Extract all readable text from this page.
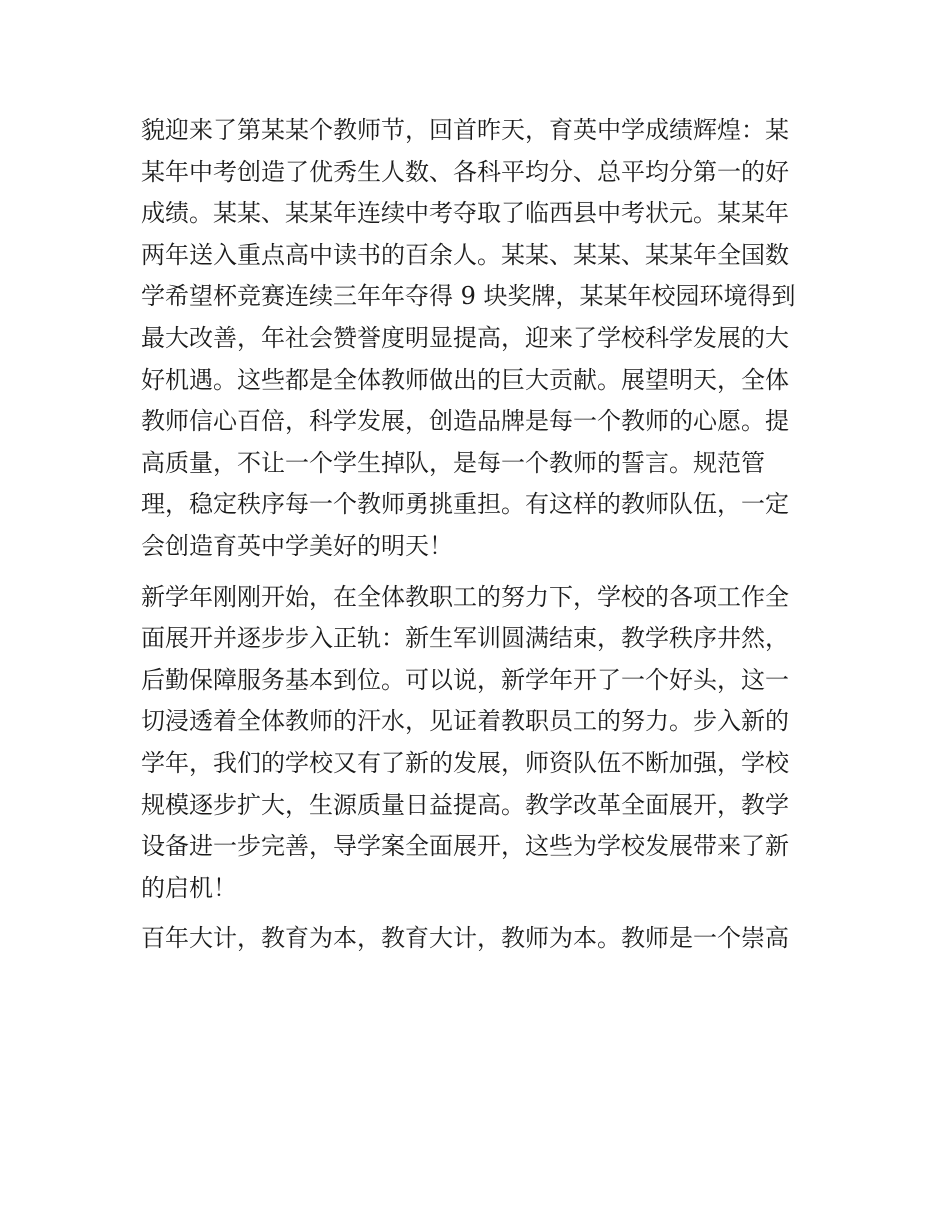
貌迎来了第某某个教师节，回首昨天，育英中学成绩辉煌：某
某年中考创造了优秀生人数、各科平均分、总平均分第一的好
成绩。某某、某某年连续中考夺取了临西县中考状元。某某年
两年送入重点高中读书的百余人。某某、某某、某某年全国数
学希望杯竞赛连续三年年夺得 9 块奖牌，某某年校园环境得到
最大改善，年社会赞誉度明显提高，迎来了学校科学发展的大
好机遇。这些都是全体教师做出的巨大贡献。展望明天，全体
教师信心百倍，科学发展，创造品牌是每一个教师的心愿。提
高质量，不让一个学生掉队，是每一个教师的誓言。规范管
理，稳定秩序每一个教师勇挑重担。有这样的教师队伍，一定
会创造育英中学美好的明天！
新学年刚刚开始，在全体教职工的努力下，学校的各项工作全
面展开并逐步步入正轨：新生军训圆满结束，教学秩序井然，
后勤保障服务基本到位。可以说，新学年开了一个好头，这一
切浸透着全体教师的汗水，见证着教职员工的努力。步入新的
学年，我们的学校又有了新的发展，师资队伍不断加强，学校
规模逐步扩大，生源质量日益提高。教学改革全面展开，教学
设备进一步完善，导学案全面展开，这些为学校发展带来了新
的启机！
百年大计，教育为本，教育大计，教师为本。教师是一个崇高
